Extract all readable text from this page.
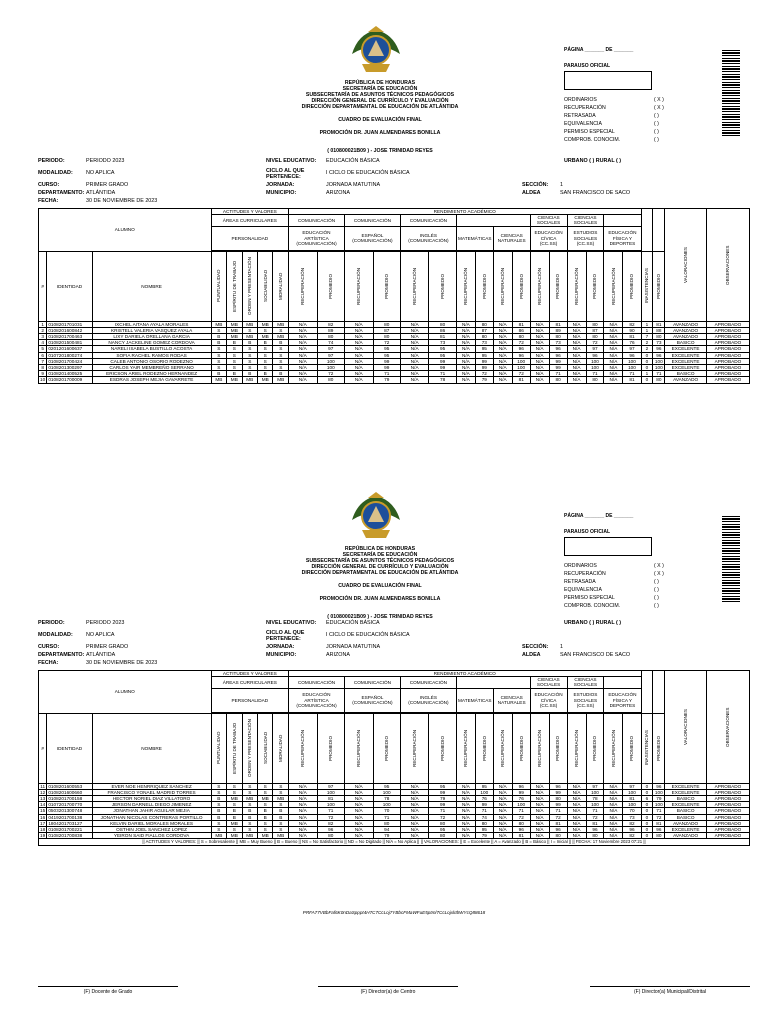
REPÚBLICA DE HONDURAS
SECRETARÍA DE EDUCACIÓN
SUBSECRETARÍA DE ASUNTOS TÉCNICOS PEDAGÓGICOS
DIRECCIÓN GENERAL DE CURRÍCULO Y EVALUACIÓN
DIRECCIÓN DEPARTAMENTAL DE EDUCACIÓN DE ATLÁNTIDA
CUADRO DE EVALUACIÓN FINAL
PROMOCIÓN DR. JUAN ALMENDARES BONILLA
( 010800021B09 ) - JOSE TRINIDAD REYES
PÁGINA _______ DE _______
PARAUSO OFICIAL
ORDINARIOS	( X )
RECUPERACIÓN	( X )
RETRASADA	( )
EQUIVALENCIA	( )
PERMISO ESPECIAL	( )
COMPROB. CONOCIM.	( )
PERIODO:	PERIODO 2023
MODALIDAD: NO APLICA
CURSO:	PRIMER GRADO
DEPARTAMENTO: ATLÁNTIDA
FECHA:	30 DE NOVIEMBRE DE 2023
NIVEL EDUCATIVO: EDUCACIÓN BÁSICA
CICLO AL QUE PERTENECE:
I CICLO DE EDUCACIÓN BÁSICA
JORNADA:	JORNADA MATUTINA
MUNICIPIO:	ARIZONA
SECCIÓN: 1
ALDEA	SAN FRANCISCO DE SACO
URBANO ( ) RURAL ( )
ALUMNO			ACTITUDES Y VALORES					RENDIMIENTO ACADÉMICO																		VALORACIONES	OBSERVACIONES

			ÁREAS CURRICULARES					COMUNICACIÓN		COMUNICACIÓN		COMUNICACIÓN						CIENCIAS SOCIALES		CIENCIAS SOCIALES							
			PERSONALIDAD					EDUCACIÓN ARTÍSTICA (COMUNICACIÓN)		ESPAÑOL (COMUNICACIÓN)		INGLÉS (COMUNICACIÓN)		MATEMÁTICAS		CIENCIAS NATURALES		EDUCACIÓN CÍVICA (CC.SS)		ESTUDIOS SOCIALES (CC.SS)		EDUCACIÓN FÍSICA Y DEPORTES					

#	IDENTIDAD	NOMBRE	PUNTUALIDAD	ESPÍRITU DE TRABAJO	ORDEN Y PRESENTACIÓN	SOCIABILIDAD	MORALIDAD	RECUPERACIÓN	PROMEDIO	RECUPERACIÓN	PROMEDIO	RECUPERACIÓN	PROMEDIO	RECUPERACIÓN	PROMEDIO	RECUPERACIÓN	PROMEDIO	RECUPERACIÓN	PROMEDIO	RECUPERACIÓN	PROMEDIO	RECUPERACIÓN	PROMEDIO	INASISTENCIAS	PROMEDIO		

1	0108201701031	IXCHEL AITANA AYALA MORALES	MB	MB	MB	MB	MB	N/A	82	N/A	80	N/A	80	N/A	80	N/A	81	N/A	81	N/A	80	N/A	82	1	81	AVANZADO	APROBADO
2	0108201600842	KRISTELL VALERIA VASQUEZ AYALA	S	MB	S	S	S	N/A	89	N/A	87	N/A	86	N/A	87	N/A	86	N/A	89	N/A	87	N/A	90	1	88	AVANZADO	APROBADO
3	0108201700463	LIXY DARIELA ORELLANA GARCIA	B	MB	MB	MB	MB	N/A	80	N/A	80	N/A	81	N/A	80	N/A	80	N/A	80	N/A	80	N/A	81	7	80	AVANZADO	APROBADO
4	0108201500481	NANCY JACKELINE GOMEZ CORDOVA	B	B	B	B	B	N/A	74	N/A	72	N/A	73	N/A	73	N/A	72	N/A	73	N/A	72	N/A	76	2	73	BASICO	APROBADO
5	0201201600637	NARELI ISABELA BUSTILLO ACOSTA	S	S	S	S	S	N/A	97	N/A	95	N/A	95	N/A	95	N/A	96	N/A	96	N/A	97	N/A	97	2	96	EXCELENTE	APROBADO
6	0107201800274	SOFIA RACHEL RAMOS RODAS	S	S	S	S	S	N/A	97	N/A	95	N/A	95	N/A	95	N/A	96	N/A	96	N/A	96	N/A	96	0	96	EXCELENTE	APROBADO
7	0108201700424	CALEB ANTONIO OSORIO RODEZNO	S	S	S	S	S	N/A	100	N/A	99	N/A	99	N/A	99	N/A	100	N/A	99	N/A	100	N/A	100	0	100	EXCELENTE	APROBADO
8	0108201300297	CARLOS YAIR MEMBREÑO SERRANO	S	S	S	S	S	N/A	100	N/A	99	N/A	99	N/A	99	N/A	100	N/A	99	N/A	100	N/A	100	0	100	EXCELENTE	APROBADO
9	0108201400525	ERICSON ARIEL RODEZNO HERNANDEZ	B	B	B	B	B	N/A	72	N/A	71	N/A	71	N/A	72	N/A	72	N/A	71	N/A	71	N/A	71	1	71	BASICO	APROBADO
10	0108201700009	ESDRAS JOSEPH MEJIA GAVARRETE	MB	MB	MB	MB	MB	N/A	80	N/A	79	N/A	78	N/A	79	N/A	81	N/A	80	N/A	80	N/A	81	0	80	AVANZADO	APROBADO
REPÚBLICA DE HONDURAS
SECRETARÍA DE EDUCACIÓN
SUBSECRETARÍA DE ASUNTOS TÉCNICOS PEDAGÓGICOS
DIRECCIÓN GENERAL DE CURRÍCULO Y EVALUACIÓN
DIRECCIÓN DEPARTAMENTAL DE EDUCACIÓN DE ATLÁNTIDA
CUADRO DE EVALUACIÓN FINAL
PROMOCIÓN DR. JUAN ALMENDARES BONILLA
( 010800021B09 ) - JOSE TRINIDAD REYES
PÁGINA _______ DE _______
PARAUSO OFICIAL
ORDINARIOS	( X )
RECUPERACIÓN	( X )
RETRASADA	( )
EQUIVALENCIA	( )
PERMISO ESPECIAL	( )
COMPROB. CONOCIM.	( )
PERIODO:	PERIODO 2023
MODALIDAD: NO APLICA
CURSO:	PRIMER GRADO
DEPARTAMENTO: ATLÁNTIDA
FECHA:	30 DE NOVIEMBRE DE 2023
NIVEL EDUCATIVO: EDUCACIÓN BÁSICA
CICLO AL QUE PERTENECE:
I CICLO DE EDUCACIÓN BÁSICA
JORNADA:	JORNADA MATUTINA
MUNICIPIO:	ARIZONA
SECCIÓN: 1
ALDEA	SAN FRANCISCO DE SACO
URBANO ( ) RURAL ( )
ALUMNO			ACTITUDES Y VALORES					RENDIMIENTO ACADÉMICO																		VALORACIONES	OBSERVACIONES

			ÁREAS CURRICULARES					COMUNICACIÓN		COMUNICACIÓN		COMUNICACIÓN						CIENCIAS SOCIALES		CIENCIAS SOCIALES							
			PERSONALIDAD					EDUCACIÓN ARTÍSTICA (COMUNICACIÓN)		ESPAÑOL (COMUNICACIÓN)		INGLÉS (COMUNICACIÓN)		MATEMÁTICAS		CIENCIAS NATURALES		EDUCACIÓN CÍVICA (CC.SS)		ESTUDIOS SOCIALES (CC.SS)		EDUCACIÓN FÍSICA Y DEPORTES					

#	IDENTIDAD	NOMBRE	PUNTUALIDAD	ESPÍRITU DE TRABAJO	ORDEN Y PRESENTACIÓN	SOCIABILIDAD	MORALIDAD	RECUPERACIÓN	PROMEDIO	RECUPERACIÓN	PROMEDIO	RECUPERACIÓN	PROMEDIO	RECUPERACIÓN	PROMEDIO	RECUPERACIÓN	PROMEDIO	RECUPERACIÓN	PROMEDIO	RECUPERACIÓN	PROMEDIO	RECUPERACIÓN	PROMEDIO	INASISTENCIAS	PROMEDIO		

11	0108201600553	EVER NOE HENRRIQUEZ SANCHEZ	S	S	S	S	S	N/A	97	N/A	95	N/A	95	N/A	95	N/A	96	N/A	96	N/A	97	N/A	97	0	96	EXCELENTE	APROBADO
12	0108201600660	FRANCISCO YONAEL MADRID TORRES	S	S	S	S	S	N/A	100	N/A	100	N/A	99	N/A	100	N/A	99	N/A	99	N/A	100	N/A	100	0	100	EXCELENTE	APROBADO
13	0108201700158	HECTOR NORIEL DIAZ VILLATORO	B	MB	MB	MB	MB	N/A	81	N/A	78	N/A	79	N/A	76	N/A	76	N/A	80	N/A	78	N/A	81	6	79	BASICO	APROBADO
14	0107201700770	JERSON DARNELL DIEGO JIMENEZ	S	S	S	S	S	N/A	100	N/A	100	N/A	99	N/A	99	N/A	100	N/A	99	N/A	100	N/A	100	0	100	EXCELENTE	APROBADO
15	0503201300748	JONATHAN JAHIR AGUILAR MEJIA	B	B	B	B	B	N/A	71	N/A	70	N/A	71	N/A	71	N/A	71	N/A	71	N/A	71	N/A	70	0	71	BASICO	APROBADO
16	0419201700138	JONATHAN NICOLAS CONTRERAS PORTILLO	B	B	B	B	B	N/A	72	N/A	71	N/A	72	N/A	74	N/A	72	N/A	72	N/A	72	N/A	73	0	72	BASICO	APROBADO
17	1804201703127	KELVIN DARIEL MORALES MORALES	S	MB	S	S	S	N/A	82	N/A	80	N/A	80	N/A	80	N/A	80	N/A	81	N/A	81	N/A	82	0	81	AVANZADO	APROBADO
18	0108201700221	OSTHIN JOEL SANCHEZ LOPEZ	S	S	S	S	S	N/A	96	N/A	94	N/A	95	N/A	95	N/A	96	N/A	96	N/A	96	N/A	96	0	96	EXCELENTE	APROBADO
19	0108201700838	YEIRON SAID FIALLOS CORDOVA	MB	MB	MB	MB	MB	N/A	80	N/A	79	N/A	80	N/A	79	N/A	81	N/A	80	N/A	80	N/A	82	0	80	AVANZADO	APROBADO
|| ACTITUDES Y VALORES: || S = Sobresaliente || MB = Muy Bueno || B = Bueno || NS = No Satisfactorio || ND = No Digitado || N/A = No Aplica || || VALORACIONES: || E = Excelente || A = Avanzado || B = Básico || I = Inicial || || FECHA: 17 Noviembre 2023 07:21 ||																											
PRFA77VBbFaf6K0nDaSpppt4H7C7CcLoj7YBbcFMaWFuE5ptml7CcLojxlIIbWYcQ88618
(F) Docente de Grado	(F) Director(a) de Centro	(F) Director(a) Municipal/Distrital
